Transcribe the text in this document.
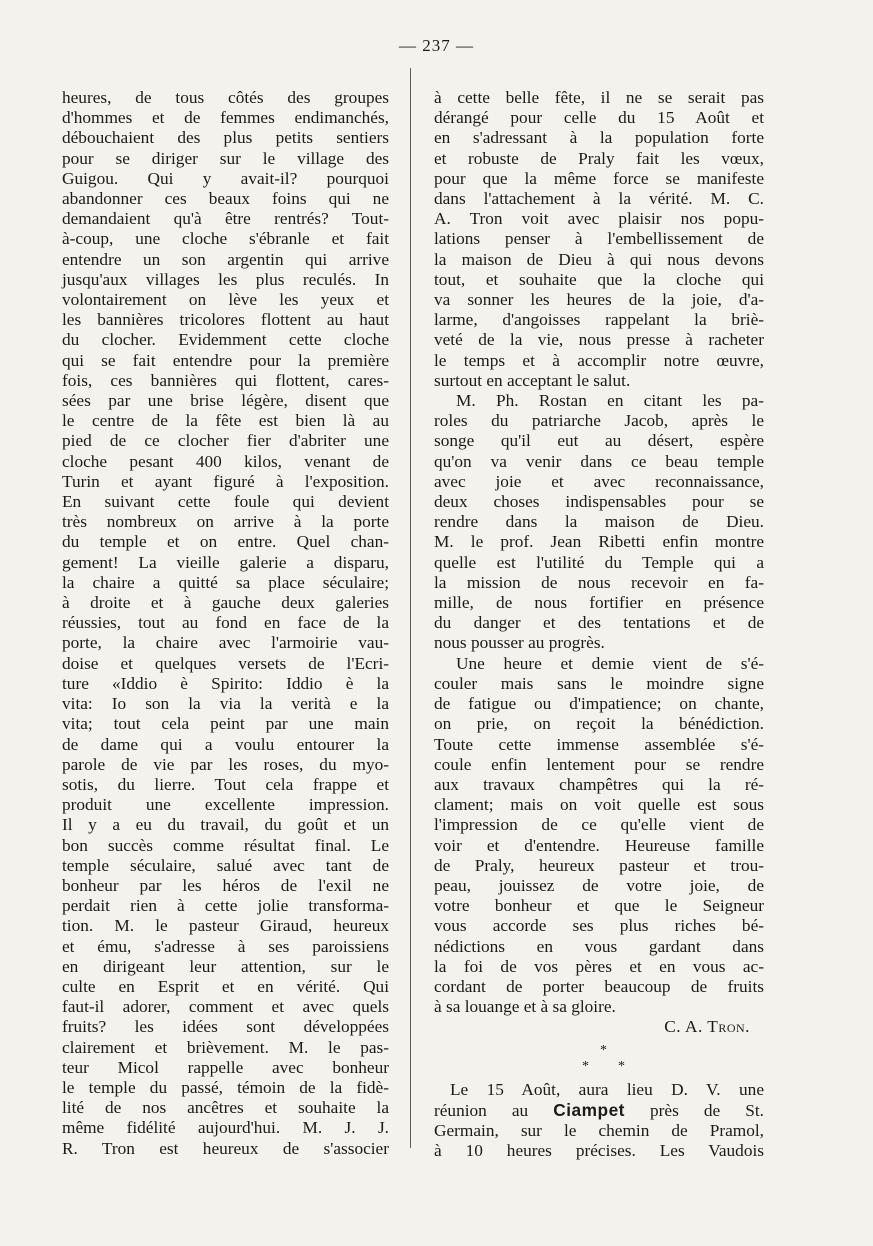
— 237 —

heures, de tous côtés des groupes
d'hommes et de femmes endimanchés,
débouchaient des plus petits sentiers
pour se diriger sur le village des
Guigou. Qui y avait-il? pourquoi
abandonner ces beaux foins qui ne
demandaient qu'à être rentrés? Tout-
à-coup, une cloche s'ébranle et fait
entendre un son argentin qui arrive
jusqu'aux villages les plus reculés. In
volontairement on lève les yeux et
les bannières tricolores flottent au haut
du clocher. Evidemment cette cloche
qui se fait entendre pour la première
fois, ces bannières qui flottent, cares-
sées par une brise légère, disent que
le centre de la fête est bien là au
pied de ce clocher fier d'abriter une
cloche pesant 400 kilos, venant de
Turin et ayant figuré à l'exposition.
En suivant cette foule qui devient
très nombreux on arrive à la porte
du temple et on entre. Quel chan-
gement! La vieille galerie a disparu,
la chaire a quitté sa place séculaire;
à droite et à gauche deux galeries
réussies, tout au fond en face de la
porte, la chaire avec l'armoirie vau-
doise et quelques versets de l'Ecri-
ture «Iddio è Spirito: Iddio è la
vita: Io son la via la verità e la
vita; tout cela peint par une main
de dame qui a voulu entourer la
parole de vie par les roses, du myo-
sotis, du lierre. Tout cela frappe et
produit une excellente impression.
Il y a eu du travail, du goût et un
bon succès comme résultat final. Le
temple séculaire, salué avec tant de
bonheur par les héros de l'exil ne
perdait rien à cette jolie transforma-
tion. M. le pasteur Giraud, heureux
et ému, s'adresse à ses paroissiens
en dirigeant leur attention, sur le
culte en Esprit et en vérité. Qui
faut-il adorer, comment et avec quels
fruits? les idées sont développées
clairement et brièvement. M. le pas-
teur Micol rappelle avec bonheur
le temple du passé, témoin de la fidè-
lité de nos ancêtres et souhaite la
même fidélité aujourd'hui. M. J. J.
R. Tron est heureux de s'associer

à cette belle fête, il ne se serait pas
dérangé pour celle du 15 Août et
en s'adressant à la population forte
et robuste de Praly fait les vœux,
pour que la même force se manifeste
dans l'attachement à la vérité. M. C.
A. Tron voit avec plaisir nos popu-
lations penser à l'embellissement de
la maison de Dieu à qui nous devons
tout, et souhaite que la cloche qui
va sonner les heures de la joie, d'a-
larme, d'angoisses rappelant la briè-
veté de la vie, nous presse à racheter
le temps et à accomplir notre œuvre,
surtout en acceptant le salut.

M. Ph. Rostan en citant les pa-
roles du patriarche Jacob, après le
songe qu'il eut au désert, espère
qu'on va venir dans ce beau temple
avec joie et avec reconnaissance,
deux choses indispensables pour se
rendre dans la maison de Dieu.
M. le prof. Jean Ribetti enfin montre
quelle est l'utilité du Temple qui a
la mission de nous recevoir en fa-
mille, de nous fortifier en présence
du danger et des tentations et de
nous pousser au progrès.

Une heure et demie vient de s'é-
couler mais sans le moindre signe
de fatigue ou d'impatience; on chante,
on prie, on reçoit la bénédiction.
Toute cette immense assemblée s'é-
coule enfin lentement pour se rendre
aux travaux champêtres qui la ré-
clament; mais on voit quelle est sous
l'impression de ce qu'elle vient de
voir et d'entendre. Heureuse famille
de Praly, heureux pasteur et trou-
peau, jouissez de votre joie, de
votre bonheur et que le Seigneur
vous accorde ses plus riches bé-
nédictions en vous gardant dans
la foi de vos pères et en vous ac-
cordant de porter beaucoup de fruits
à sa louange et à sa gloire.

C. A. Tron.

*
* *

Le 15 Août, aura lieu D. V. une
réunion au Ciampet près de St.
Germain, sur le chemin de Pramol,
à 10 heures précises. Les Vaudois
